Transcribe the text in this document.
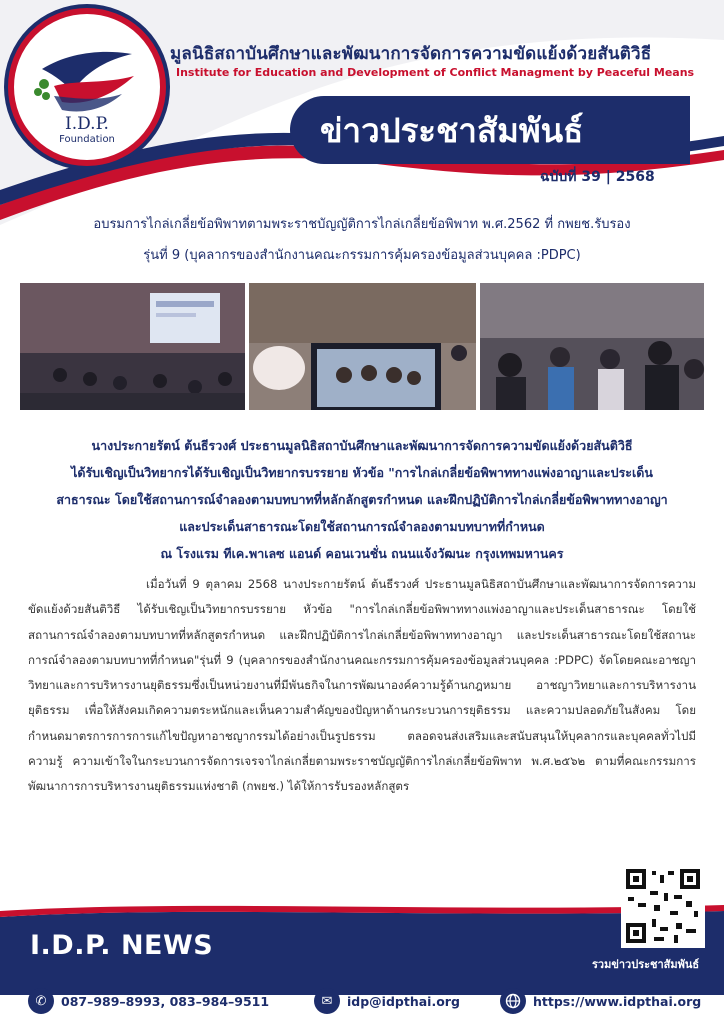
I.D.P.
Foundation
มูลนิธิสถาบันศึกษาและพัฒนาการจัดการความขัดแย้งด้วยสันติวิธี
Institute for Education and Development of Conflict Managment by Peaceful Means
ข่าวประชาสัมพันธ์
ฉบับที่ 39 | 2568
อบรมการไกล่เกลี่ยข้อพิพาทตามพระราชบัญญัติการไกล่เกลี่ยข้อพิพาท พ.ศ.2562 ที่ กพยช.รับรอง
รุ่นที่ 9 (บุคลากรของสำนักงานคณะกรรมการคุ้มครองข้อมูลส่วนบุคคล :PDPC)
นางประกายรัตน์ ต้นธีรวงศ์ ประธานมูลนิธิสถาบันศึกษาและพัฒนาการจัดการความขัดแย้งด้วยสันติวิธี
ได้รับเชิญเป็นวิทยากรได้รับเชิญเป็นวิทยากรบรรยาย หัวข้อ "การไกล่เกลี่ยข้อพิพาททางแพ่งอาญาและประเด็น
สาธารณะ โดยใช้สถานการณ์จำลองตามบทบาทที่หลักลักสูตรกำหนด และฝึกปฏิบัติการไกล่เกลี่ยข้อพิพาททางอาญา
และประเด็นสาธารณะโดยใช้สถานการณ์จำลองตามบทบาทที่กำหนด
ณ โรงแรม ทีเค.พาเลซ แอนด์ คอนเวนชั่น ถนนแจ้งวัฒนะ กรุงเทพมหานคร

เมื่อวันที่ 9 ตุลาคม 2568 นางประกายรัตน์ ต้นธีรวงศ์ ประธานมูลนิธิสถาบันศึกษาและพัฒนาการจัดการความขัดแย้งด้วยสันติวิธี ได้รับเชิญเป็นวิทยากรบรรยาย หัวข้อ "การไกล่เกลี่ยข้อพิพาททางแพ่งอาญาและประเด็นสาธารณะ โดยใช้สถานการณ์จำลองตามบทบาทที่หลักสูตรกำหนด และฝึกปฏิบัติการไกล่เกลี่ยข้อพิพาททางอาญา และประเด็นสาธารณะโดยใช้สถานะการณ์จำลองตามบทบาทที่กำหนด"รุ่นที่ 9 (บุคลากรของสำนักงานคณะกรรมการคุ้มครองข้อมูลส่วนบุคคล :PDPC) จัดโดยคณะอาชญาวิทยาและการบริหารงานยุติธรรมซึ่งเป็นหน่วยงานที่มีพันธกิจในการพัฒนาองค์ความรู้ด้านกฎหมาย อาชญาวิทยาและการบริหารงานยุติธรรม เพื่อให้สังคมเกิดความตระหนักและเห็นความสำคัญของปัญหาด้านกระบวนการยุติธรรม และความปลอดภัยในสังคม โดยกำหนดมาตรการการการแก้ไขปัญหาอาชญากรรมได้อย่างเป็นรูปธรรม ตลอดจนส่งเสริมและสนับสนุนให้บุคลากรและบุคคลทั่วไปมีความรู้ ความเข้าใจในกระบวนการจัดการเจรจาไกล่เกลี่ยตามพระราชบัญญัติการไกล่เกลี่ยข้อพิพาท พ.ศ.๒๕๖๒ ตามที่คณะกรรมการพัฒนาการการบริหารงานยุติธรรมแห่งชาติ (กพยช.) ได้ให้การรับรองหลักสูตร

I.D.P. NEWS
รวมข่าวประชาสัมพันธ์
✆	087–989–8993, 083–984–9511	✉	idp@idpthai.org	https://www.idpthai.org
